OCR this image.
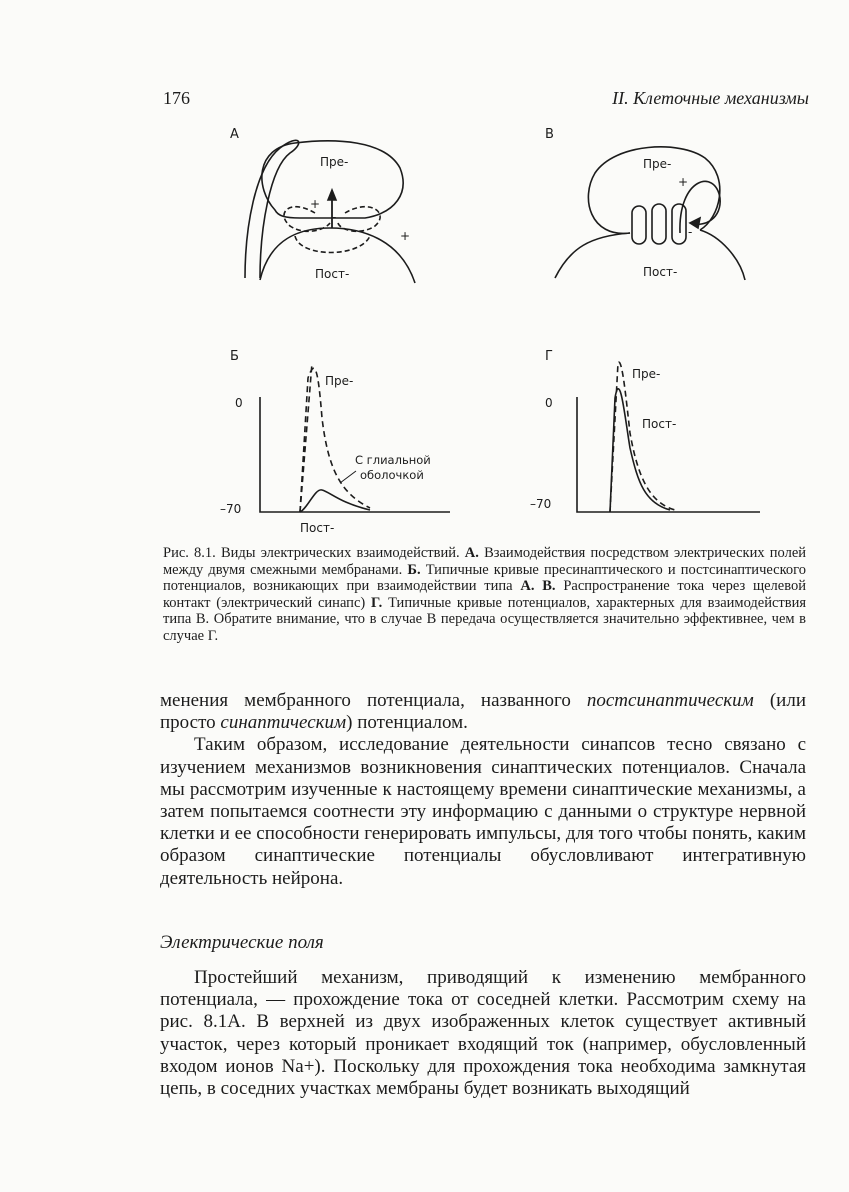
176	II. Клеточные механизмы
А
Пре-
Пост-
+
-
+
В
Пре-
Пост-
+
-
Б
0
–70
Пре-
Пост-
С глиальной
оболочкой
Г
0
–70
Пре-
Пост-
Рис. 8.1. Виды электрических взаимодействий. А. Взаимодействия посредством электрических полей между двумя смежными мембранами. Б. Типичные кривые пресинаптического и постсинаптического потенциалов, возникающих при взаимодействии типа А. В. Распространение тока через щелевой контакт (электрический синапс) Г. Типичные кривые потенциалов, характерных для взаимодействия типа В. Обратите внимание, что в случае В передача осуществляется значительно эффективнее, чем в случае Г.

менения мембранного потенциала, названного постсинаптическим (или просто синаптическим) потенциалом.

Таким образом, исследование деятельности синапсов тесно связано с изучением механизмов возникновения синаптических потенциалов. Сначала мы рассмотрим изученные к настоящему времени синаптические механизмы, а затем попытаемся соотнести эту информацию с данными о структуре нервной клетки и ее способности генерировать импульсы, для того чтобы понять, каким образом синаптические потенциалы обусловливают интегративную деятельность нейрона.

Электрические поля

Простейший механизм, приводящий к изменению мембранного потенциала, — прохождение тока от соседней клетки. Рассмотрим схему на рис. 8.1А. В верхней из двух изображенных клеток существует активный участок, через который проникает входящий ток (например, обусловленный входом ионов Na+). Поскольку для прохождения тока необходима замкнутая цепь, в соседних участках мембраны будет возникать выходящий
